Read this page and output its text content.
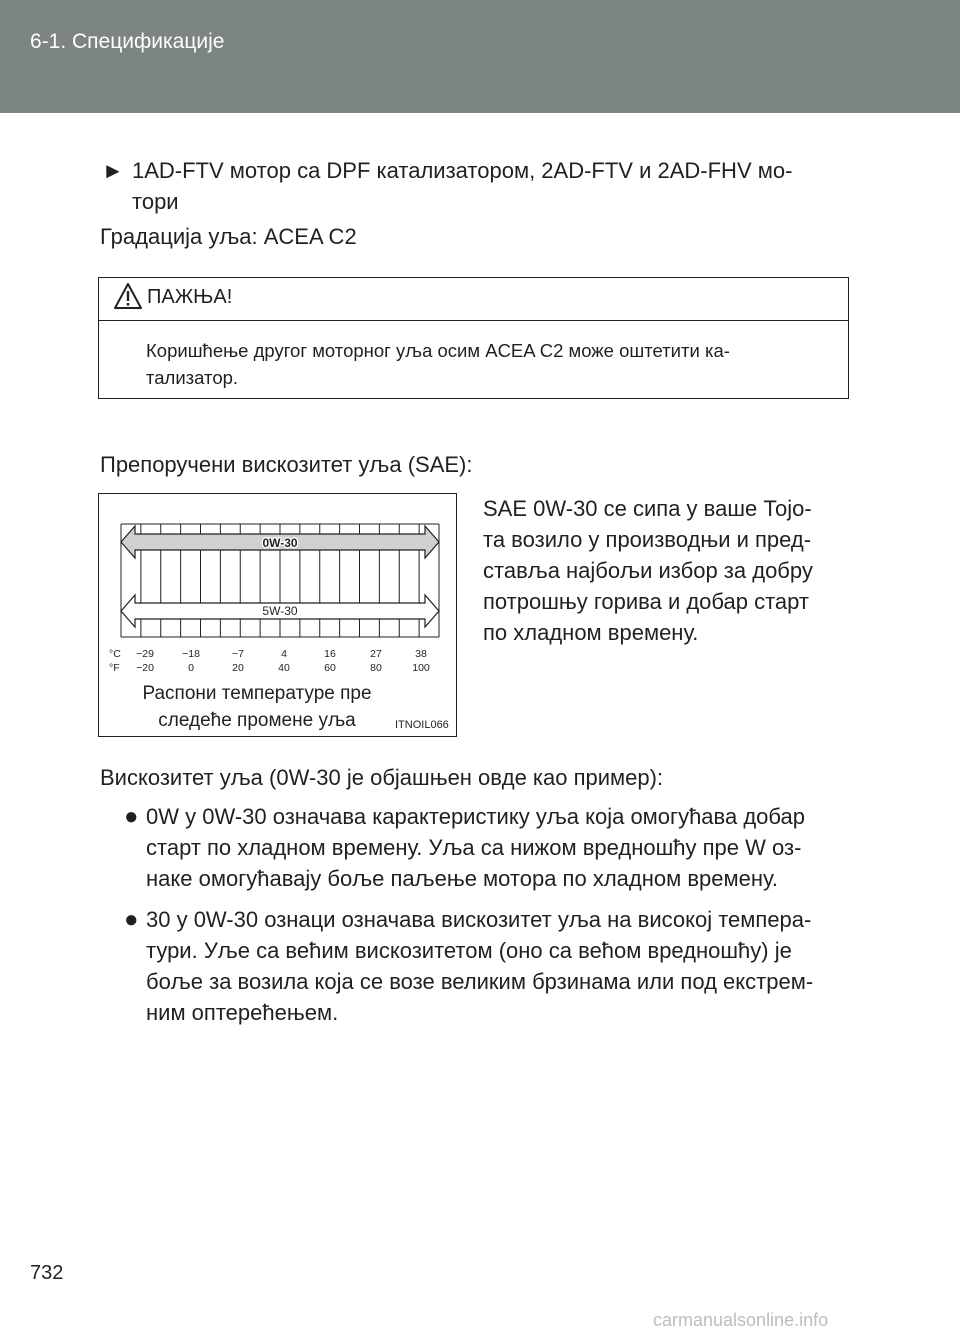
6-1. Спецификације
► 1AD-FTV мотор са DPF катализатором, 2AD-FTV и 2AD-FHV мо-
тори
Градација уља: ACEA C2
ПАЖЊА!
Коришћење другог моторног уља осим ACEA C2 може оштетити ка-
тализатор.
Препоручени вискозитет уља (SAE):
0W-30
5W-30
°C
°F
−29	−18	−7	4	16	27	38
−20	0	20	40	60	80	100
Распони температуре пре
следеће промене уља	ITNOIL066
SAE 0W-30 се сипа у ваше Тојо-
та возило у производњи и пред-
стављa најбољи избор за добру
потрошњу горива и добар старт
по хладном времену.
Вискозитет уља (0W-30 је објашњен овде као пример):
● 0W у 0W-30 означава карактеристику уља која омогућава добар
старт по хладном времену. Уља са нижом вредношћу пре W оз-
наке омогућавају боље паљење мотора по хладном времену.
● 30 у 0W-30 ознаци означава вискозитет уља на високој темпера-
тури. Уље са већим вискозитетом (оно са већом вредношћу) је
боље за возила која се возе великим брзинама или под екстрем-
ним оптерећењем.
732
carmanualsonline.info
